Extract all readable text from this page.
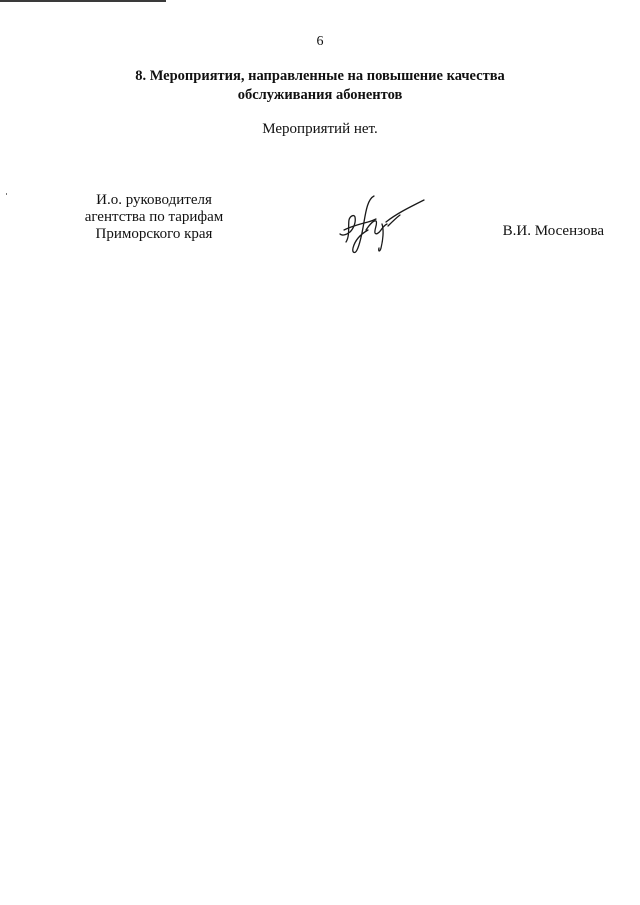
6
8. Мероприятия, направленные на повышение качества
обслуживания абонентов
Мероприятий нет.
И.о. руководителя
агентства по тарифам
Приморского края	В.И. Мосензова
